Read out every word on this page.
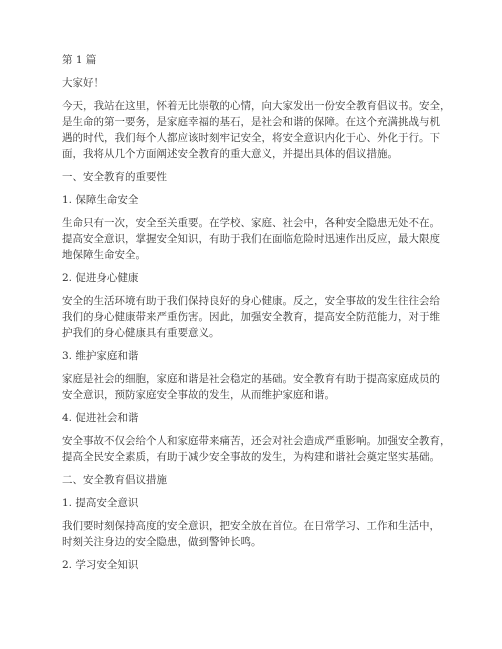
第 1 篇
大家好！
今天，我站在这里，怀着无比崇敬的心情，向大家发出一份安全教育倡议书。安全，
是生命的第一要务，是家庭幸福的基石，是社会和谐的保障。在这个充满挑战与机
遇的时代，我们每个人都应该时刻牢记安全，将安全意识内化于心、外化于行。下
面，我将从几个方面阐述安全教育的重大意义，并提出具体的倡议措施。
一、安全教育的重要性
1. 保障生命安全
生命只有一次，安全至关重要。在学校、家庭、社会中，各种安全隐患无处不在。
提高安全意识，掌握安全知识，有助于我们在面临危险时迅速作出反应，最大限度
地保障生命安全。
2. 促进身心健康
安全的生活环境有助于我们保持良好的身心健康。反之，安全事故的发生往往会给
我们的身心健康带来严重伤害。因此，加强安全教育，提高安全防范能力，对于维
护我们的身心健康具有重要意义。
3. 维护家庭和谐
家庭是社会的细胞，家庭和谐是社会稳定的基础。安全教育有助于提高家庭成员的
安全意识，预防家庭安全事故的发生，从而维护家庭和谐。
4. 促进社会和谐
安全事故不仅会给个人和家庭带来痛苦，还会对社会造成严重影响。加强安全教育，
提高全民安全素质，有助于减少安全事故的发生，为构建和谐社会奠定坚实基础。
二、安全教育倡议措施
1. 提高安全意识
我们要时刻保持高度的安全意识，把安全放在首位。在日常学习、工作和生活中，
时刻关注身边的安全隐患，做到警钟长鸣。
2. 学习安全知识
